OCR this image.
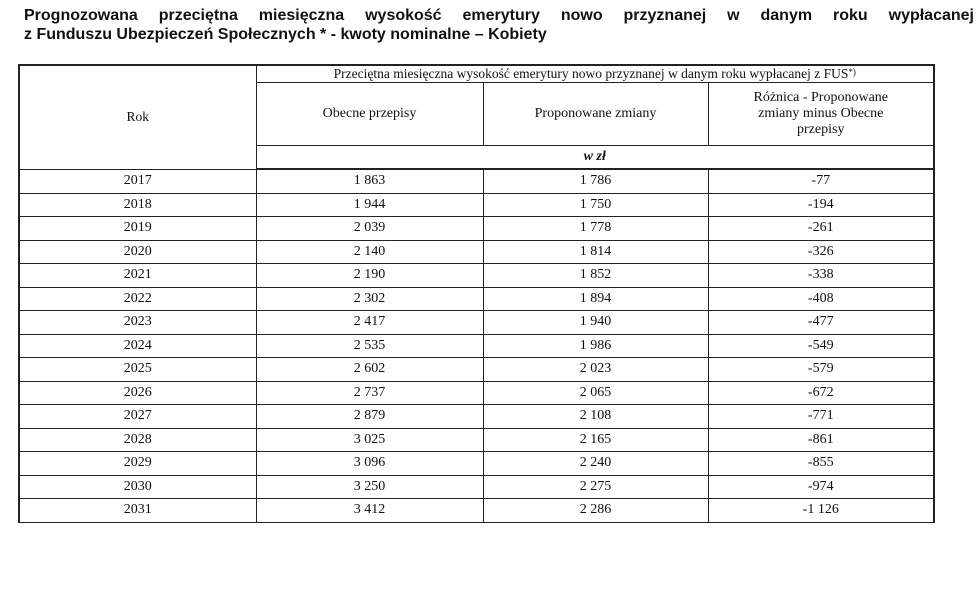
Prognozowana przeciętna miesięczna wysokość emerytury nowo przyznanej w danym roku wypłacanej
z Funduszu Ubezpieczeń Społecznych * - kwoty nominalne – Kobiety
Rok	Przeciętna miesięczna wysokość emerytury nowo przyznanej w danym roku wypłacanej z FUS*)
	Obecne przepisy	Proponowane zmiany	Różnica - Proponowane
zmiany minus Obecne
przepisy
	w zł		
2017	1 863	1 786	-77
2018	1 944	1 750	-194
2019	2 039	1 778	-261
2020	2 140	1 814	-326
2021	2 190	1 852	-338
2022	2 302	1 894	-408
2023	2 417	1 940	-477
2024	2 535	1 986	-549
2025	2 602	2 023	-579
2026	2 737	2 065	-672
2027	2 879	2 108	-771
2028	3 025	2 165	-861
2029	3 096	2 240	-855
2030	3 250	2 275	-974
2031	3 412	2 286	-1 126
